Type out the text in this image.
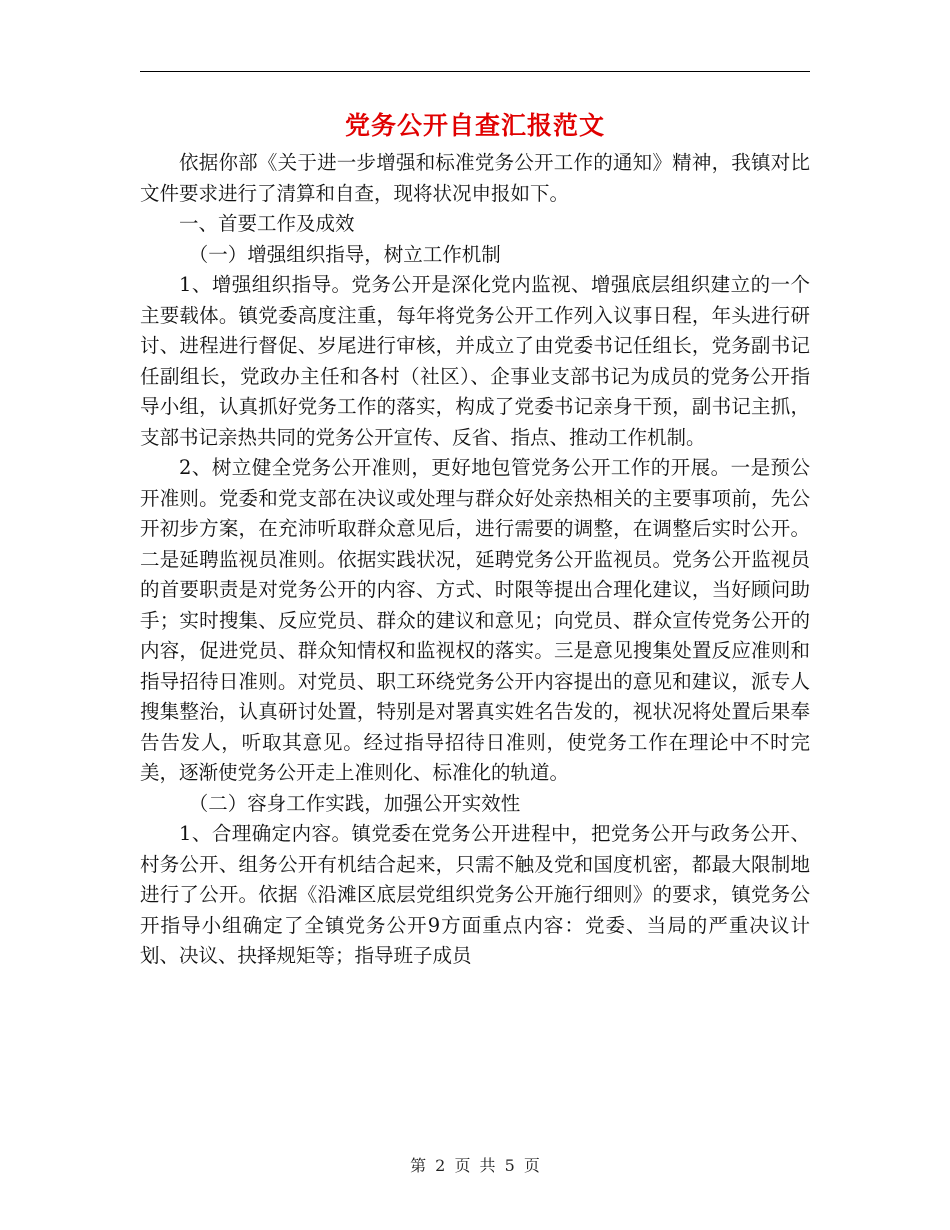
党务公开自查汇报范文

依据你部《关于进一步增强和标准党务公开工作的通知》精神，我镇对比文件要求进行了清算和自查，现将状况申报如下。

一、首要工作及成效

（一）增强组织指导，树立工作机制

1、增强组织指导。党务公开是深化党内监视、增强底层组织建立的一个主要载体。镇党委高度注重，每年将党务公开工作列入议事日程，年头进行研讨、进程进行督促、岁尾进行审核，并成立了由党委书记任组长，党务副书记任副组长，党政办主任和各村（社区）、企事业支部书记为成员的党务公开指导小组，认真抓好党务工作的落实，构成了党委书记亲身干预，副书记主抓，支部书记亲热共同的党务公开宣传、反省、指点、推动工作机制。

2、树立健全党务公开准则，更好地包管党务公开工作的开展。一是预公开准则。党委和党支部在决议或处理与群众好处亲热相关的主要事项前，先公开初步方案，在充沛听取群众意见后，进行需要的调整，在调整后实时公开。二是延聘监视员准则。依据实践状况，延聘党务公开监视员。党务公开监视员的首要职责是对党务公开的内容、方式、时限等提出合理化建议，当好顾问助手；实时搜集、反应党员、群众的建议和意见；向党员、群众宣传党务公开的内容，促进党员、群众知情权和监视权的落实。三是意见搜集处置反应准则和指导招待日准则。对党员、职工环绕党务公开内容提出的意见和建议，派专人搜集整治，认真研讨处置，特别是对署真实姓名告发的，视状况将处置后果奉告告发人，听取其意见。经过指导招待日准则，使党务工作在理论中不时完美，逐渐使党务公开走上准则化、标准化的轨道。

（二）容身工作实践，加强公开实效性

1、合理确定内容。镇党委在党务公开进程中，把党务公开与政务公开、村务公开、组务公开有机结合起来，只需不触及党和国度机密，都最大限制地进行了公开。依据《沿滩区底层党组织党务公开施行细则》的要求，镇党务公开指导小组确定了全镇党务公开9方面重点内容：党委、当局的严重决议计划、决议、抉择规矩等；指导班子成员

第 2 页 共 5 页
